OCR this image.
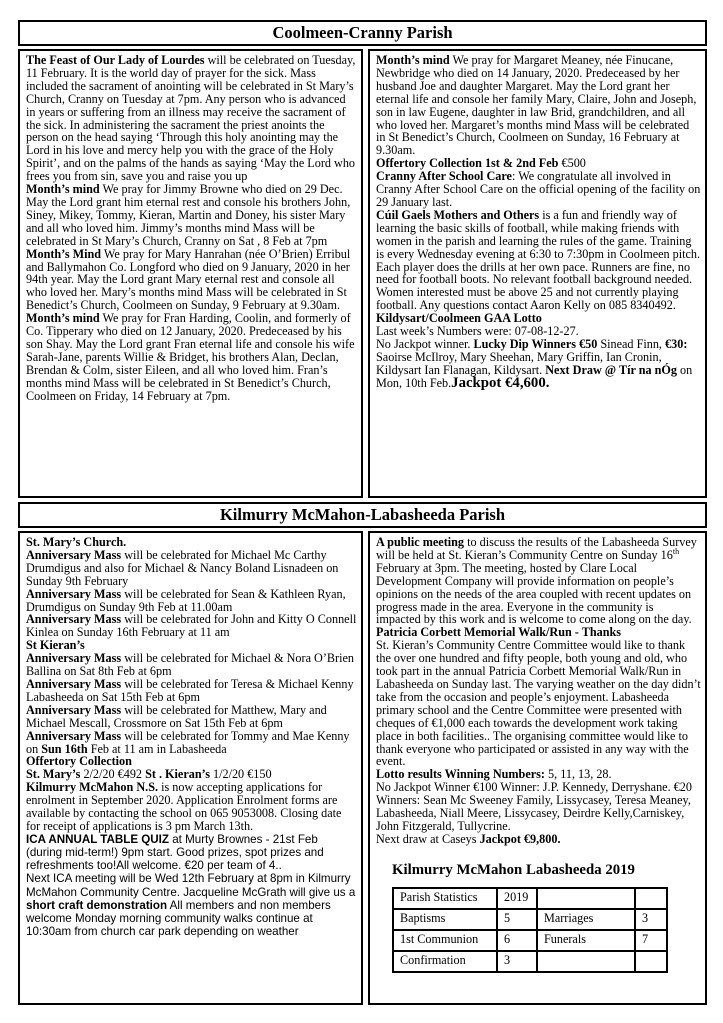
Coolmeen-Cranny Parish

The Feast of Our Lady of Lourdes will be celebrated on Tuesday, 11 February. It is the world day of prayer for the sick. Mass included the sacrament of anointing will be celebrated in St Mary’s Church, Cranny on Tuesday at 7pm. Any person who is advanced in years or suffering from an illness may receive the sacrament of the sick. In administering the sacrament the priest anoints the person on the head saying ‘Through this holy anointing may the Lord in his love and mercy help you with the grace of the Holy Spirit’, and on the palms of the hands as saying ‘May the Lord who frees you from sin, save you and raise you up

Month’s mind We pray for Jimmy Browne who died on 29 Dec. May the Lord grant him eternal rest and console his brothers John, Siney, Mikey, Tommy, Kieran, Martin and Doney, his sister Mary and all who loved him. Jimmy’s months mind Mass will be celebrated in St Mary’s Church, Cranny on Sat , 8 Feb at 7pm

Month’s Mind We pray for Mary Hanrahan (née O’Brien) Erribul and Ballymahon Co. Longford who died on 9 January, 2020 in her 94th year. May the Lord grant Mary eternal rest and console all who loved her. Mary’s months mind Mass will be celebrated in St Benedict’s Church, Coolmeen on Sunday, 9 February at 9.30am.

Month’s mind We pray for Fran Harding, Coolin, and formerly of Co. Tipperary who died on 12 January, 2020. Predeceased by his son Shay. May the Lord grant Fran eternal life and console his wife Sarah-Jane, parents Willie & Bridget, his brothers Alan, Declan, Brendan & Colm, sister Eileen, and all who loved him. Fran’s months mind Mass will be celebrated in St Benedict’s Church, Coolmeen on Friday, 14 February at 7pm.

Month’s mind We pray for Margaret Meaney, née Finucane, Newbridge who died on 14 January, 2020. Predeceased by her husband Joe and daughter Margaret. May the Lord grant her eternal life and console her family Mary, Claire, John and Joseph, son in law Eugene, daughter in law Brid, grandchildren, and all who loved her. Margaret’s months mind Mass will be celebrated in St Benedict’s Church, Coolmeen on Sunday, 16 February at 9.30am.

Offertory Collection 1st & 2nd Feb €500

Cranny After School Care: We congratulate all involved in Cranny After School Care on the official opening of the facility on 29 January last.

Cúil Gaels Mothers and Others is a fun and friendly way of learning the basic skills of football, while making friends with women in the parish and learning the rules of the game. Training is every Wednesday evening at 6:30 to 7:30pm in Coolmeen pitch. Each player does the drills at her own pace. Runners are fine, no need for football boots. No relevant football background needed. Women interested must be above 25 and not currently playing football. Any questions contact Aaron Kelly on 085 8340492.

Kildysart/Coolmeen GAA Lotto

Last week’s Numbers were: 07-08-12-27.

No Jackpot winner. Lucky Dip Winners €50 Sinead Finn, €30: Saoirse McIlroy, Mary Sheehan, Mary Griffin, Ian Cronin, Kildysart Ian Flanagan, Kildysart. Next Draw @ Tír na nÓg on Mon, 10th Feb.Jackpot €4,600.

Kilmurry McMahon-Labasheeda Parish

St. Mary’s Church.

Anniversary Mass will be celebrated for Michael Mc Carthy Drumdigus and also for Michael & Nancy Boland Lisnadeen on Sunday 9th February

Anniversary Mass will be celebrated for Sean & Kathleen Ryan, Drumdigus on Sunday 9th Feb at 11.00am

Anniversary Mass will be celebrated for John and Kitty O Connell Kinlea on Sunday 16th February at 11 am

St Kieran’s

Anniversary Mass will be celebrated for Michael & Nora O’Brien Ballina on Sat 8th Feb at 6pm

Anniversary Mass will be celebrated for Teresa & Michael Kenny Labasheeda on Sat 15th Feb at 6pm

Anniversary Mass will be celebrated for Matthew, Mary and Michael Mescall, Crossmore on Sat 15th Feb at 6pm

Anniversary Mass will be celebrated for Tommy and Mae Kenny on Sun 16th Feb at 11 am in Labasheeda

Offertory Collection

St. Mary’s 2/2/20 €492 St . Kieran’s 1/2/20 €150

Kilmurry McMahon N.S. is now accepting applications for enrolment in September 2020. Application Enrolment forms are available by contacting the school on 065 9053008. Closing date for receipt of applications is 3 pm March 13th.

ICA ANNUAL TABLE QUIZ at Murty Brownes - 21st Feb (during mid-term!) 9pm start. Good prizes, spot prizes and refreshments too!All welcome. €20 per team of 4..

Next ICA meeting will be Wed 12th February at 8pm in Kilmurry McMahon Community Centre. Jacqueline McGrath will give us a short craft demonstration All members and non members welcome Monday morning community walks continue at 10:30am from church car park depending on weather

A public meeting to discuss the results of the Labasheeda Survey will be held at St. Kieran’s Community Centre on Sunday 16th February at 3pm. The meeting, hosted by Clare Local Development Company will provide information on people’s opinions on the needs of the area coupled with recent updates on progress made in the area. Everyone in the community is impacted by this work and is welcome to come along on the day.

Patricia Corbett Memorial Walk/Run - Thanks

St. Kieran’s Community Centre Committee would like to thank the over one hundred and fifty people, both young and old, who took part in the annual Patricia Corbett Memorial Walk/Run in Labasheeda on Sunday last. The varying weather on the day didn’t take from the occasion and people’s enjoyment. Labasheeda primary school and the Centre Committee were presented with cheques of €1,000 each towards the development work taking place in both facilities.. The organising committee would like to thank everyone who participated or assisted in any way with the event.

Lotto results Winning Numbers: 5, 11, 13, 28.

No Jackpot Winner €100 Winner: J.P. Kennedy, Derryshane. €20 Winners: Sean Mc Sweeney Family, Lissycasey, Teresa Meaney, Labasheeda, Niall Meere, Lissycasey, Deirdre Kelly,Carniskey, John Fitzgerald, Tullycrine.

Next draw at Caseys Jackpot €9,800.

Kilmurry McMahon Labasheeda 2019
Parish Statistics	2019		
Baptisms	5	Marriages	3
1st Communion	6	Funerals	7
Confirmation	3		
